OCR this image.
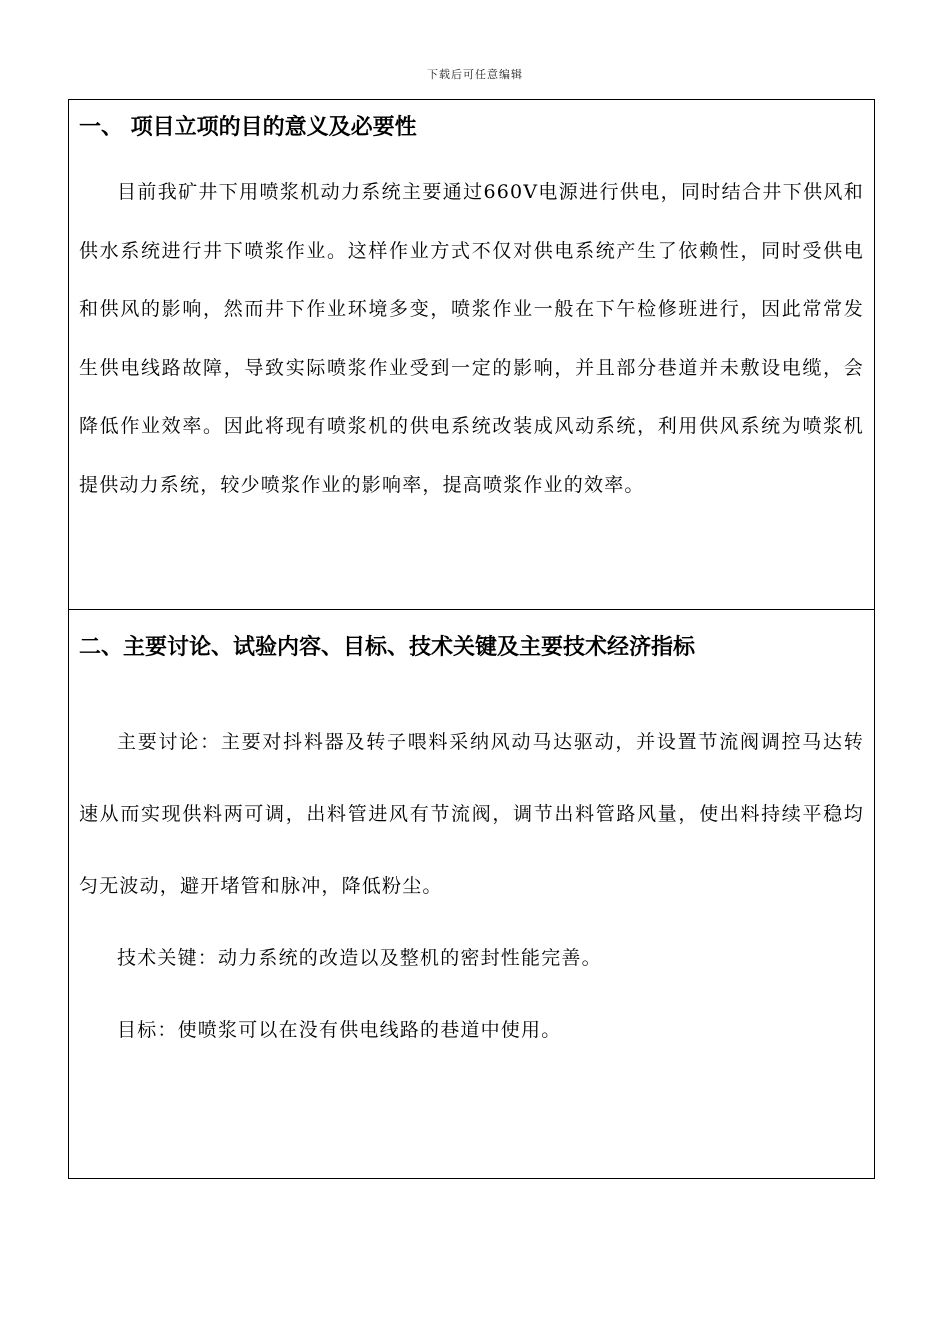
下载后可任意编辑
一、 项目立项的目的意义及必要性

目前我矿井下用喷浆机动力系统主要通过660V电源进行供电，同时结合井下供风和供水系统进行井下喷浆作业。这样作业方式不仅对供电系统产生了依赖性，同时受供电和供风的影响，然而井下作业环境多变，喷浆作业一般在下午检修班进行，因此常常发生供电线路故障，导致实际喷浆作业受到一定的影响，并且部分巷道并未敷设电缆，会降低作业效率。因此将现有喷浆机的供电系统改装成风动系统，利用供风系统为喷浆机提供动力系统，较少喷浆作业的影响率，提高喷浆作业的效率。

二、主要讨论、试验内容、目标、技术关键及主要技术经济指标

主要讨论：主要对抖料器及转子喂料采纳风动马达驱动，并设置节流阀调控马达转速从而实现供料两可调，出料管进风有节流阀，调节出料管路风量，使出料持续平稳均匀无波动，避开堵管和脉冲，降低粉尘。

技术关键：动力系统的改造以及整机的密封性能完善。

目标：使喷浆可以在没有供电线路的巷道中使用。
